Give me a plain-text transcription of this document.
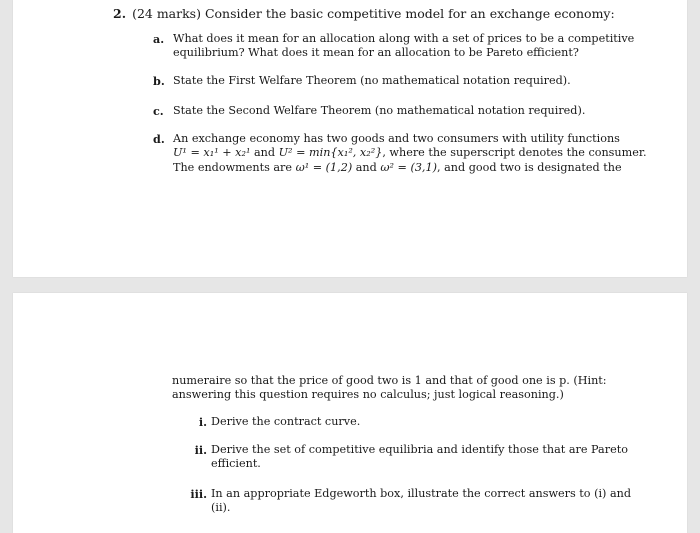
2. (24 marks) Consider the basic competitive model for an exchange economy:
a. What does it mean for an allocation along with a set of prices to be a competitive

equilibrium? What does it mean for an allocation to be Pareto efficient?

b. State the First Welfare Theorem (no mathematical notation required).

c. State the Second Welfare Theorem (no mathematical notation required).

d. An exchange economy has two goods and two consumers with utility functions

U¹ = x₁¹ + x₂¹ and U² = min{x₁², x₂²}, where the superscript denotes the consumer.

The endowments are ω¹ = (1,2) and ω² = (3,1), and good two is designated the

numeraire so that the price of good two is 1 and that of good one is p. (Hint:

answering this question requires no calculus; just logical reasoning.)

i. Derive the contract curve.

ii. Derive the set of competitive equilibria and identify those that are Pareto

efficient.

iii. In an appropriate Edgeworth box, illustrate the correct answers to (i) and

(ii).
